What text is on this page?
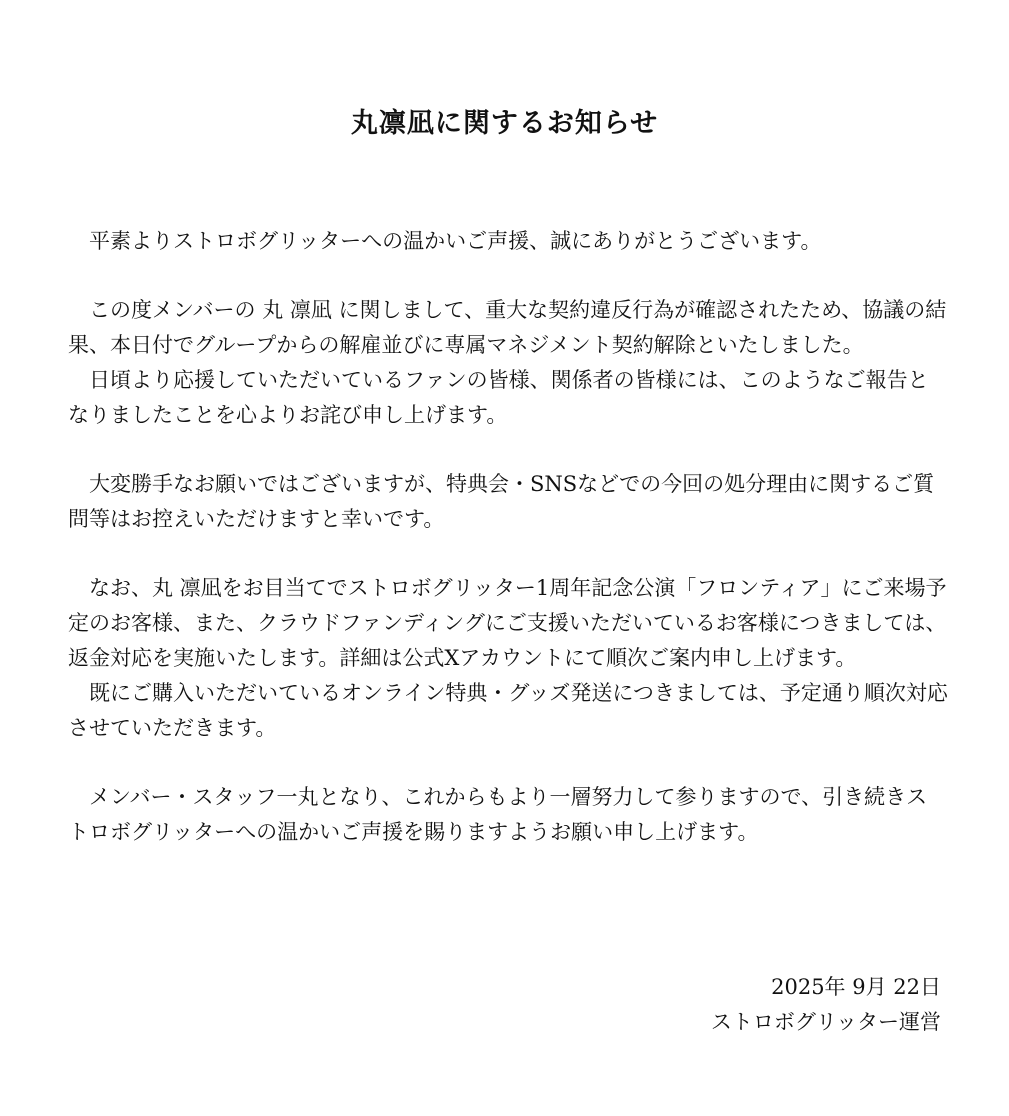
丸凛凪に関するお知らせ

平素よりストロボグリッターへの温かいご声援、誠にありがとうございます。

この度メンバーの 丸 凛凪 に関しまして、重大な契約違反行為が確認されたため、協議の結果、本日付でグループからの解雇並びに専属マネジメント契約解除といたしました。

日頃より応援していただいているファンの皆様、関係者の皆様には、このようなご報告となりましたことを心よりお詫び申し上げます。

大変勝手なお願いではございますが、特典会・SNSなどでの今回の処分理由に関するご質問等はお控えいただけますと幸いです。

なお、丸 凛凪をお目当てでストロボグリッター1周年記念公演「フロンティア」にご来場予定のお客様、また、クラウドファンディングにご支援いただいているお客様につきましては、返金対応を実施いたします。詳細は公式Xアカウントにて順次ご案内申し上げます。

既にご購入いただいているオンライン特典・グッズ発送につきましては、予定通り順次対応させていただきます。

メンバー・スタッフ一丸となり、これからもより一層努力して参りますので、引き続きストロボグリッターへの温かいご声援を賜りますようお願い申し上げます。

2025年 9月 22日
ストロボグリッター運営
